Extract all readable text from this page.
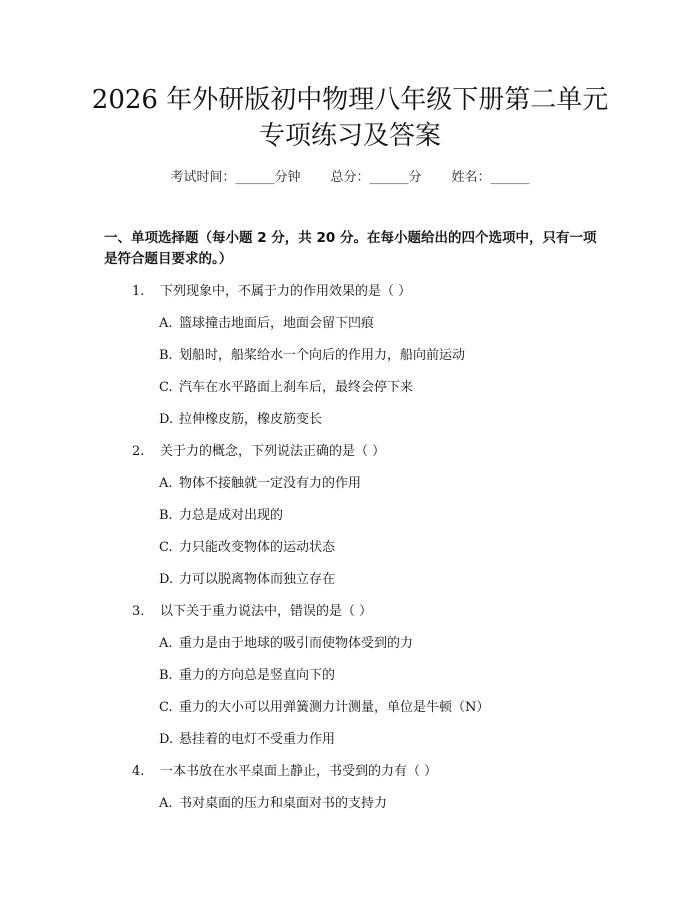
2026 年外研版初中物理八年级下册第二单元
专项练习及答案
考试时间：______分钟 总分：______分 姓名：______
一、单项选择题（每小题 2 分，共 20 分。在每小题给出的四个选项中，只有一项是符合题目要求的。）
1. 下列现象中，不属于力的作用效果的是（ ）
A. 篮球撞击地面后，地面会留下凹痕
B. 划船时，船桨给水一个向后的作用力，船向前运动
C. 汽车在水平路面上刹车后，最终会停下来
D. 拉伸橡皮筋，橡皮筋变长
2. 关于力的概念，下列说法正确的是（ ）
A. 物体不接触就一定没有力的作用
B. 力总是成对出现的
C. 力只能改变物体的运动状态
D. 力可以脱离物体而独立存在
3. 以下关于重力说法中，错误的是（ ）
A. 重力是由于地球的吸引而使物体受到的力
B. 重力的方向总是竖直向下的
C. 重力的大小可以用弹簧测力计测量，单位是牛顿（N）
D. 悬挂着的电灯不受重力作用
4. 一本书放在水平桌面上静止，书受到的力有（ ）
A. 书对桌面的压力和桌面对书的支持力
